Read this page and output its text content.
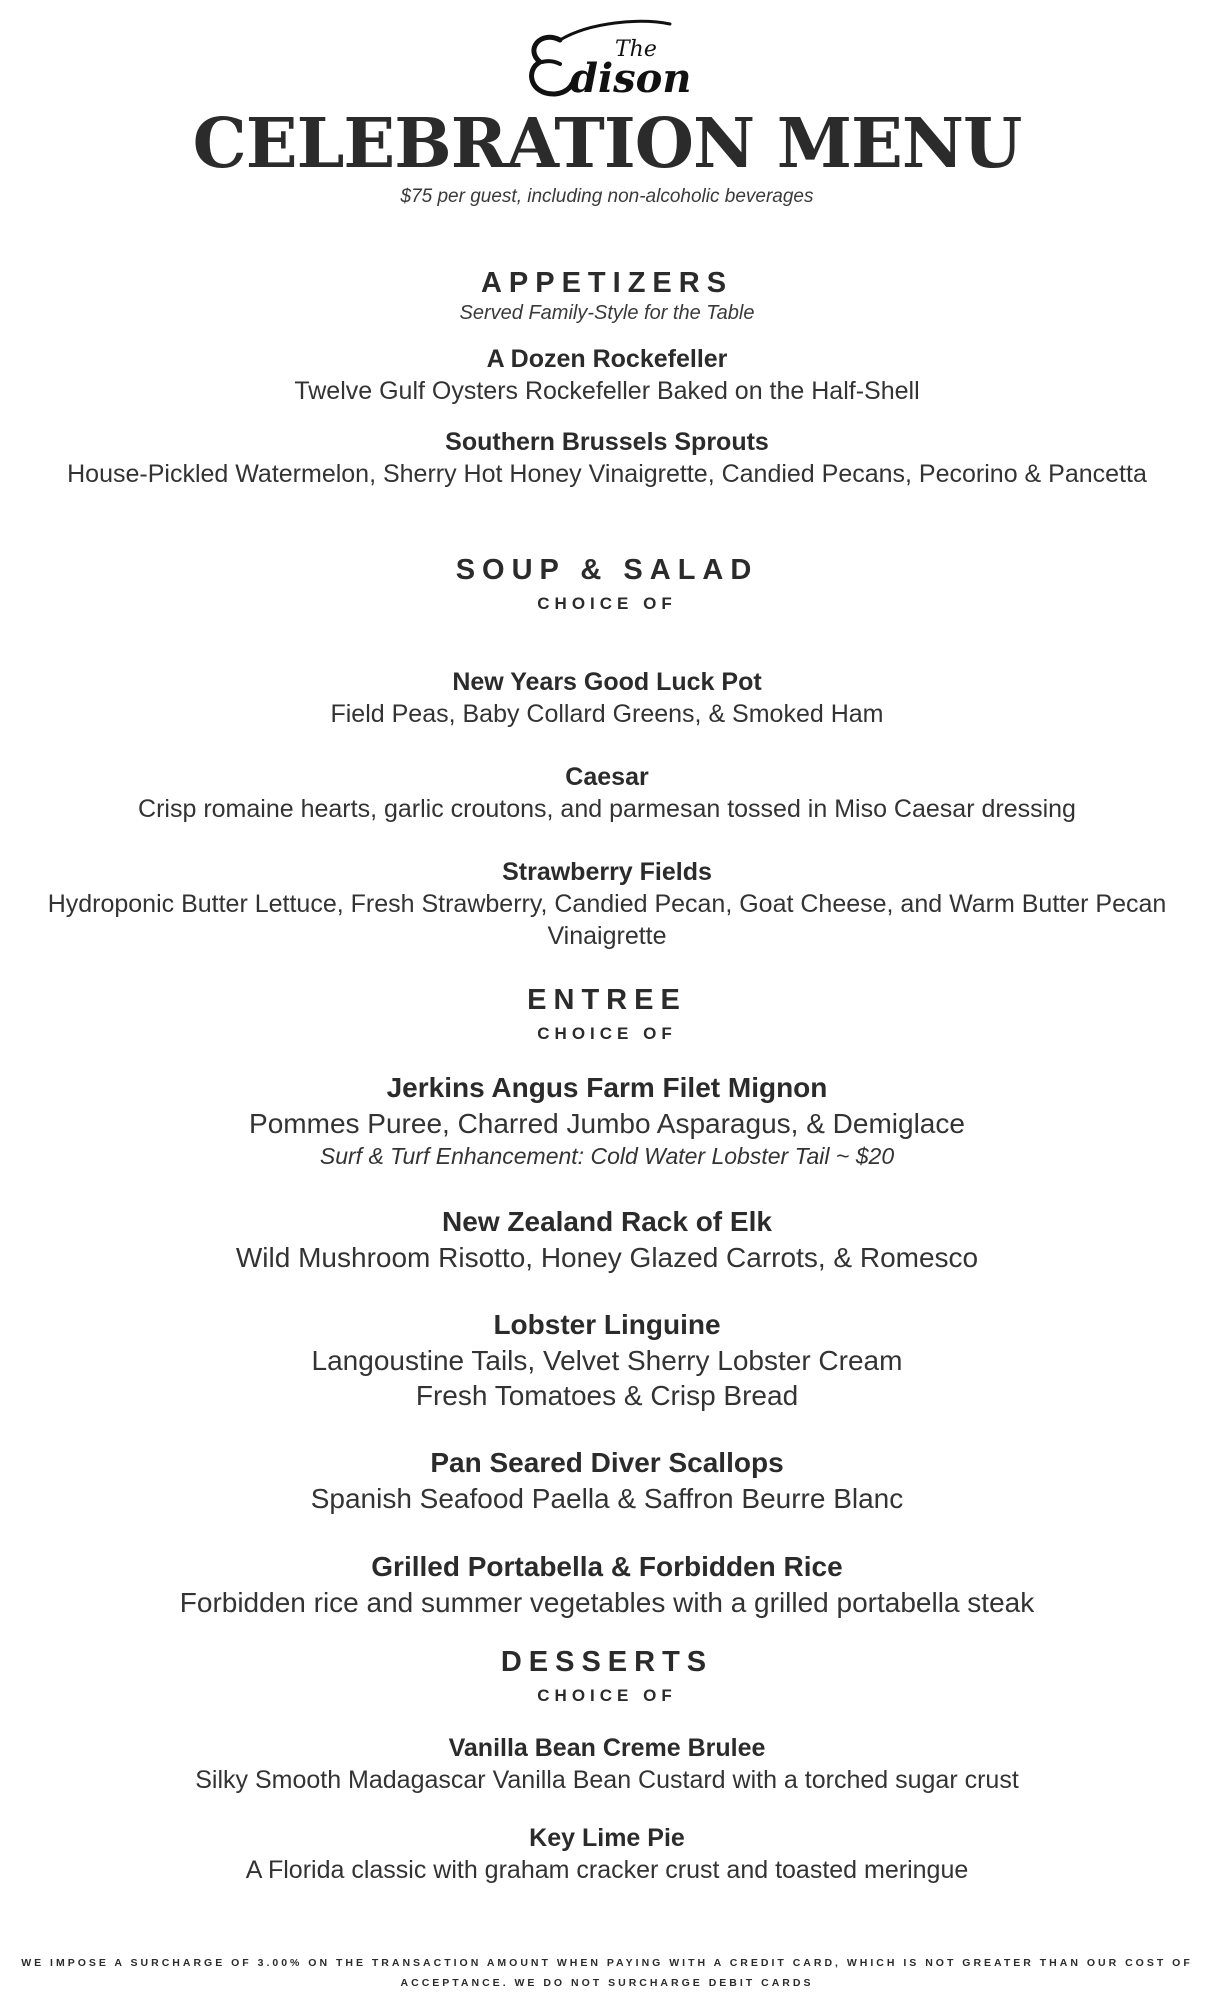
The
dison
CELEBRATION MENU
$75 per guest, including non-alcoholic beverages
APPETIZERS
Served Family-Style for the Table
A Dozen Rockefeller
Twelve Gulf Oysters Rockefeller Baked on the Half-Shell
Southern Brussels Sprouts
House-Pickled Watermelon, Sherry Hot Honey Vinaigrette, Candied Pecans, Pecorino & Pancetta
SOUP & SALAD
CHOICE OF
New Years Good Luck Pot
Field Peas, Baby Collard Greens, & Smoked Ham
Caesar
Crisp romaine hearts, garlic croutons, and parmesan tossed in Miso Caesar dressing
Strawberry Fields
Hydroponic Butter Lettuce, Fresh Strawberry, Candied Pecan, Goat Cheese, and Warm Butter Pecan Vinaigrette
ENTREE
CHOICE OF
Jerkins Angus Farm Filet Mignon
Pommes Puree, Charred Jumbo Asparagus, & Demiglace
Surf & Turf Enhancement: Cold Water Lobster Tail ~ $20
New Zealand Rack of Elk
Wild Mushroom Risotto, Honey Glazed Carrots, & Romesco
Lobster Linguine
Langoustine Tails, Velvet Sherry Lobster Cream
Fresh Tomatoes & Crisp Bread
Pan Seared Diver Scallops
Spanish Seafood Paella & Saffron Beurre Blanc
Grilled Portabella & Forbidden Rice
Forbidden rice and summer vegetables with a grilled portabella steak
DESSERTS
CHOICE OF
Vanilla Bean Creme Brulee
Silky Smooth Madagascar Vanilla Bean Custard with a torched sugar crust
Key Lime Pie
A Florida classic with graham cracker crust and toasted meringue
WE IMPOSE A SURCHARGE OF 3.00% ON THE TRANSACTION AMOUNT WHEN PAYING WITH A CREDIT CARD, WHICH IS NOT GREATER THAN OUR COST OF ACCEPTANCE. WE DO NOT SURCHARGE DEBIT CARDS
